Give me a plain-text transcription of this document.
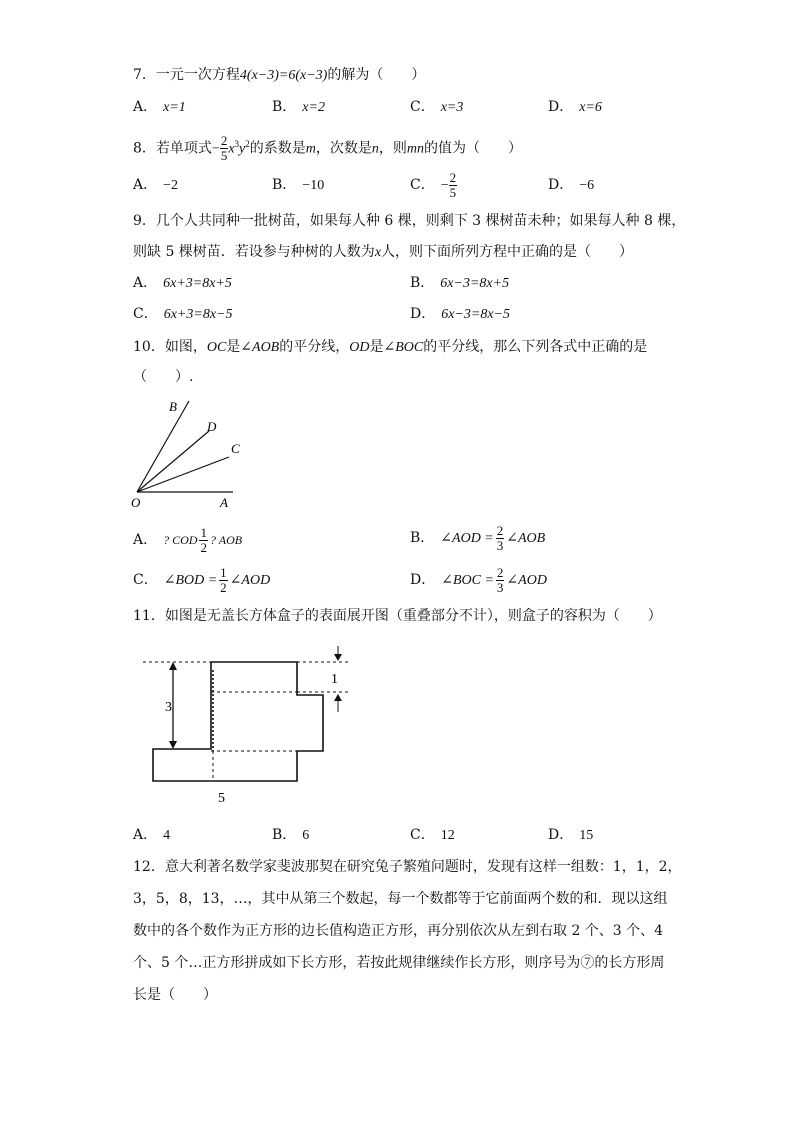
7．一元一次方程4(x−3)=6(x−3)的解为（　　）
A． x=1	B． x=2	C． x=3	D． x=6
8．若单项式− $\frac{2}{5} x^3y^2$的系数是m，次数是n，则mn的值为（　　）
A． −2	B． −10	C． − $\frac{2}{5}$	D． −6
9．几个人共同种一批树苗，如果每人种 6 棵，则剩下 3 棵树苗未种；如果每人种 8 棵，
则缺 5 棵树苗．若设参与种树的人数为x人，则下面所列方程中正确的是（　　）
A． 6x+3=8x+5	B． 6x−3=8x+5
C． 6x+3=8x−5	D． 6x−3=8x−5
10．如图，OC是∠AOB的平分线，OD是∠BOC的平分线，那么下列各式中正确的是
（　　）.
B
D
C
O	A
A． ? COD $\frac{1}{2}$ ? AOB	B． ∠AOD = $\frac{2}{3}$ ∠AOB
C． ∠BOD = $\frac{1}{2}$ ∠AOD	D． ∠BOC = $\frac{2}{3}$ ∠AOD
11．如图是无盖长方体盒子的表面展开图（重叠部分不计），则盒子的容积为（　　）
3
1
5
A． 4	B． 6	C． 12	D． 15
12．意大利著名数学家斐波那契在研究兔子繁殖问题时，发现有这样一组数：1，1，2，
3，5，8，13，…，其中从第三个数起，每一个数都等于它前面两个数的和．现以这组
数中的各个数作为正方形的边长值构造正方形，再分别依次从左到右取 2 个、3 个、4
个、5 个…正方形拼成如下长方形，若按此规律继续作长方形，则序号为⑦的长方形周
长是（　　）
